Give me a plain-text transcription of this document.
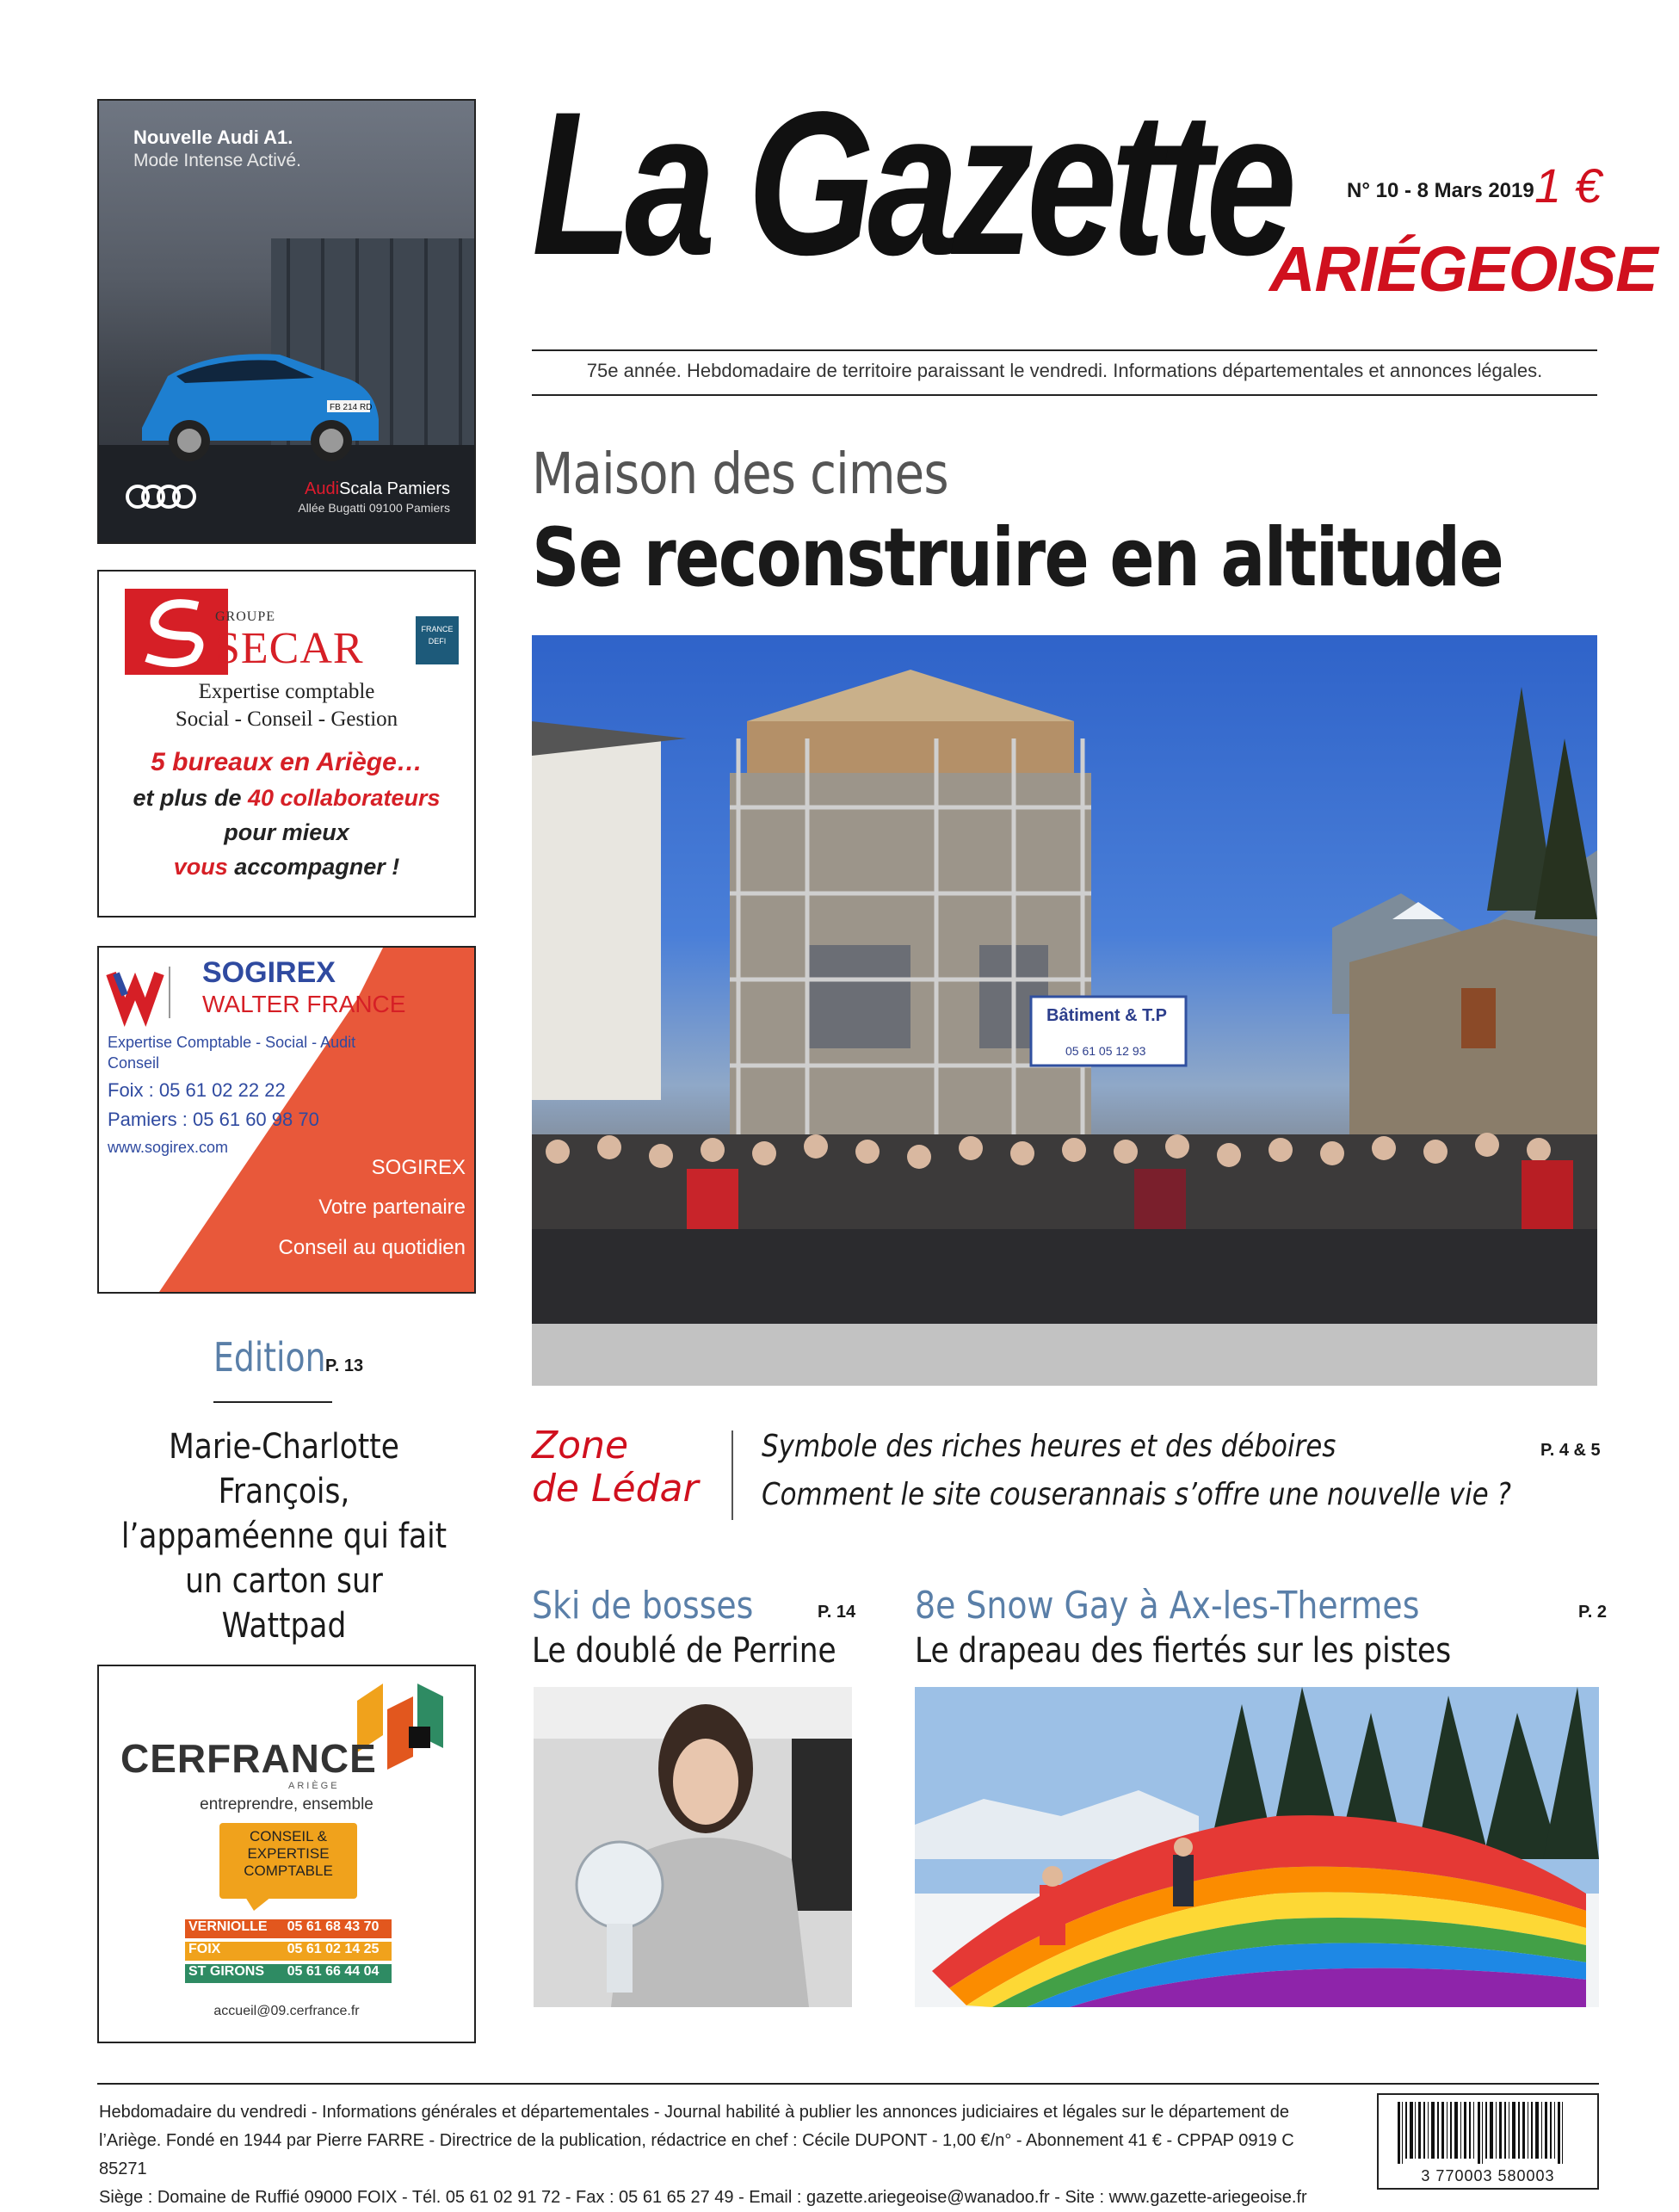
La Gazette	N° 10 - 8 Mars 2019 1 €
ARIÉGEOISE
75e année. Hebdomadaire de territoire paraissant le vendredi. Informations départementales et annonces légales.
Maison des cimes
Se reconstruire en altitude
Bâtiment & T.P
05 61 05 12 93
Zone
de Lédar
Symbole des riches heures et des déboires
Comment le site couserannais s’offre une nouvelle vie ?
P. 4 & 5
Ski de bosses	P. 14
Le doublé de Perrine
8e Snow Gay à Ax-les-Thermes	P. 2
Le drapeau des fiertés sur les pistes
Edition P. 13
Marie-Charlotte François,
l’appaméenne qui fait
un carton sur Wattpad
FB 214 RD
Nouvelle Audi A1.
Mode Intense Activé.
AudiScala Pamiers
Allée Bugatti 09100 Pamiers
GROUPE
SECAR	FRANCE DEFI
Expertise comptable
Social - Conseil - Gestion
5 bureaux en Ariège…
et plus de 40 collaborateurs
pour mieux
vous accompagner !
SOGIREX
WALTER FRANCE
Expertise Comptable - Social - Audit
Conseil
Foix : 05 61 02 22 22
Pamiers : 05 61 60 98 70
www.sogirex.com
SOGIREX
Votre partenaire
Conseil au quotidien
CERFRANCE
ARIÈGE
entreprendre, ensemble
CONSEIL &
EXPERTISE
COMPTABLE
VERNIOLLE	05 61 68 43 70
FOIX	05 61 02 14 25
ST GIRONS	05 61 66 44 04
accueil@09.cerfrance.fr
Hebdomadaire du vendredi - Informations générales et départementales - Journal habilité à publier les annonces judiciaires et légales sur le département de
l’Ariège. Fondé en 1944 par Pierre FARRE - Directrice de la publication, rédactrice en chef : Cécile DUPONT - 1,00 €/n° - Abonnement 41 € - CPPAP 0919 C 85271
Siège : Domaine de Ruffié 09000 FOIX - Tél. 05 61 02 91 72 - Fax : 05 61 65 27 49 - Email : gazette.ariegeoise@wanadoo.fr - Site : www.gazette-ariegeoise.fr
3 770003 580003
